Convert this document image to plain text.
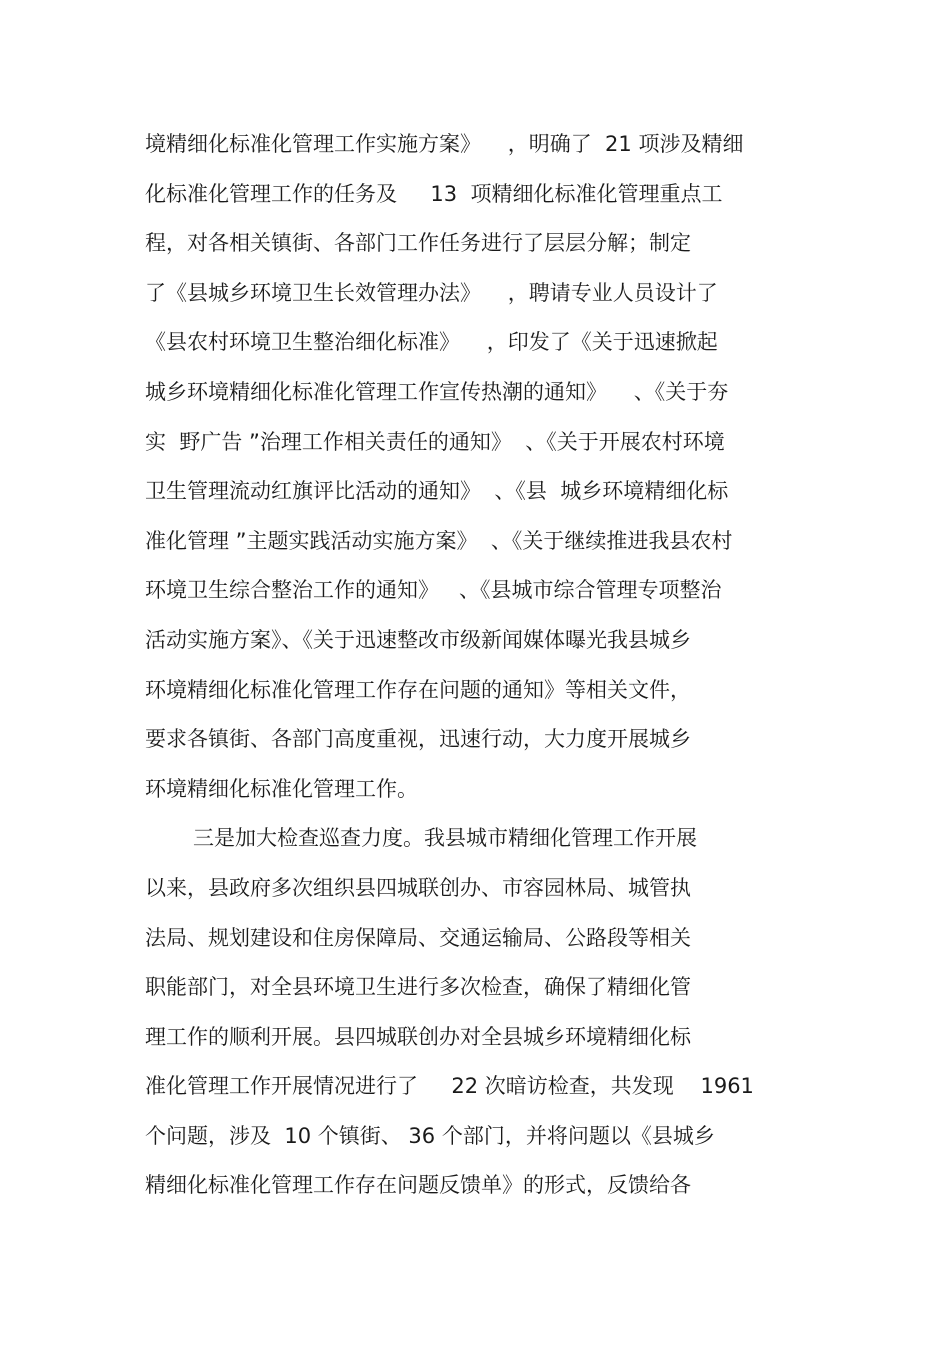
境精细化标准化管理工作实施方案》    ，明确了  21 项涉及精细
化标准化管理工作的任务及     13  项精细化标准化管理重点工
程，对各相关镇街、各部门工作任务进行了层层分解；制定
了《县城乡环境卫生长效管理办法》    ，聘请专业人员设计了
《县农村环境卫生整治细化标准》    ，印发了《关于迅速掀起
城乡环境精细化标准化管理工作宣传热潮的通知》    、《关于夯
实  野广告 ”治理工作相关责任的通知》  、《关于开展农村环境
卫生管理流动红旗评比活动的通知》  、《县  城乡环境精细化标
准化管理 ”主题实践活动实施方案》  、《关于继续推进我县农村
环境卫生综合整治工作的通知》   、《县城市综合管理专项整治
活动实施方案》、《关于迅速整改市级新闻媒体曝光我县城乡
环境精细化标准化管理工作存在问题的通知》等相关文件，
要求各镇街、各部门高度重视，迅速行动，大力度开展城乡
环境精细化标准化管理工作。
三是加大检查巡查力度。我县城市精细化管理工作开展
以来，县政府多次组织县四城联创办、市容园林局、城管执
法局、规划建设和住房保障局、交通运输局、公路段等相关
职能部门，对全县环境卫生进行多次检查，确保了精细化管
理工作的顺利开展。县四城联创办对全县城乡环境精细化标
准化管理工作开展情况进行了     22 次暗访检查，共发现    1961
个问题，涉及  10 个镇街、 36 个部门，并将问题以《县城乡
精细化标准化管理工作存在问题反馈单》的形式，反馈给各
